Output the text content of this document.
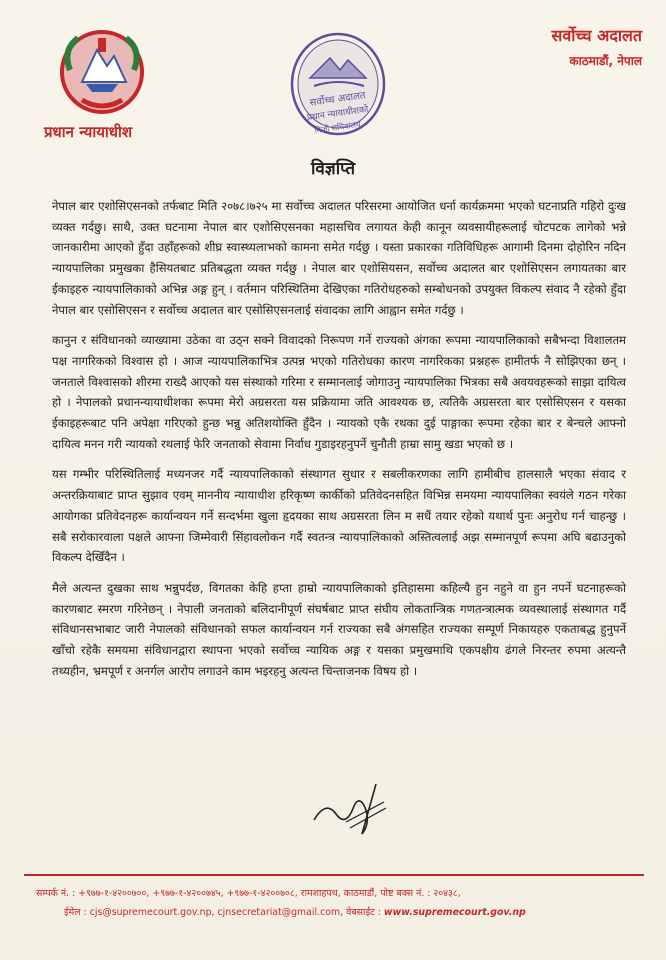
प्रधान न्यायाधीश
सर्वोच्च अदालत
प्रधान न्यायाधीशको
निजी सचिवालय
सर्वोच्च अदालत
काठमाडौं, नेपाल
विज्ञप्ति

नेपाल बार एशोसिएसनको तर्फबाट मिति २०७८।७२५ मा सर्वोच्च अदालत परिसरमा आयोजित धर्ना कार्यक्रममा भएको घटनाप्रति गहिरो दुःख व्यक्त गर्दछु। साथै, उक्त घटनामा नेपाल बार एशोसिएसनका महासचिव लगायत केही कानून व्यवसायीहरूलाई चोटपटक लागेको भन्ने जानकारीमा आएको हुँदा उहाँहरूको शीघ्र स्वास्थ्यलाभको कामना समेत गर्दछु । यस्ता प्रकारका गतिविधिहरू आगामी दिनमा दोहोरिन नदिन न्यायपालिका प्रमुखका हैसियतबाट प्रतिबद्धता व्यक्त गर्दछु । नेपाल बार एशोसियसन, सर्वोच्च अदालत बार एशोसिएसन लगायतका बार ईकाइहरु न्यायपालिकाको अभिन्न अङ्ग हुन् । वर्तमान परिस्थितिमा देखिएका गतिरोधहरुको सम्बोधनको उपयुक्त विकल्प संवाद नै रहेको हुँदा नेपाल बार एसोसिएसन र सर्वोच्च अदालत बार एसोसिएसनलाई संवादका लागि आह्वान समेत गर्दछु ।

कानुन र संविधानको व्याख्यामा उठेका वा उठ्न सक्ने विवादको निरूपण गर्ने राज्यको अंगका रूपमा न्यायपालिकाको सबैभन्दा विशालतम पक्ष नागरिकको विश्वास हो । आज न्यायपालिकाभित्र उत्पन्न भएको गतिरोधका कारण नागरिकका प्रश्नहरू हामीतर्फ नै सोझिएका छन् । जनताले विश्वासको शीरमा राख्दै आएको यस संस्थाको गरिमा र सम्मानलाई जोगाउनु न्यायपालिका भित्रका सबै अवयवहरूको साझा दायित्व हो । नेपालको प्रधानन्यायाधीशका रूपमा मेरो अग्रसरता यस प्रक्रियामा जति आवश्यक छ, त्यतिकै अग्रसरता बार एसोसिएसन र यसका ईकाइहरूबाट पनि अपेक्षा गरिएको हुन्छ भन्नु अतिशयोक्ति हुँदैन । न्यायको एकै रथका दुई पाङ्गाका रूपमा रहेका बार र बेन्चले आफ्नो दायित्व मनन गरी न्यायको रथलाई फेरि जनताको सेवामा निर्वाध गुडाइरहनुपर्ने चुनौती हाम्रा सामु खडा भएको छ ।

यस गम्भीर परिस्थितिलाई मध्यनजर गर्दै न्यायपालिकाको संस्थागत सुधार र सबलीकरणका लागि हामीबीच हालसालै भएका संवाद र अन्तरक्रियाबाट प्राप्त सुझाव एवम् माननीय न्यायाधीश हरिकृष्ण कार्कीको प्रतिवेदनसहित विभिन्न समयमा न्यायपालिका स्वयंले गठन गरेका आयोगका प्रतिवेदनहरू कार्यान्वयन गर्ने सन्दर्भमा खुला हृदयका साथ अग्रसरता लिन म सधैं तयार रहेको यथार्थ पुनः अनुरोध गर्न चाहन्छु । सबै सरोकारवाला पक्षले आफ्ना जिम्मेवारी सिंहावलोकन गर्दै स्वतन्त्र न्यायपालिकाको अस्तित्वलाई अझ सम्मानपूर्ण रूपमा अघि बढाउनुको विकल्प देखिँदैन ।

मैले अत्यन्त दुखका साथ भन्नुपर्दछ, विगतका केहि हप्ता हाम्रो न्यायपालिकाको इतिहासमा कहिल्यै हुन नहुने वा हुन नपर्ने घटनाहरूको कारणबाट स्मरण गरिनेछन् । नेपाली जनताको बलिदानीपूर्ण संघर्षबाट प्राप्त संघीय लोकतान्त्रिक गणतन्त्रात्मक व्यवस्थालाई संस्थागत गर्दै संविधानसभाबाट जारी नेपालको संविधानको सफल कार्यान्वयन गर्न राज्यका सबै अंगसहित राज्यका सम्पूर्ण निकायहरु एकताबद्ध हुनुपर्ने खाँचो रहेकै समयमा संविधानद्वारा स्थापना भएको सर्वोच्च न्यायिक अङ्ग र यसका प्रमुखमाथि एकपक्षीय ढंगले निरन्तर रुपमा अत्यन्तै तथ्यहीन, भ्रमपूर्ण र अनर्गल आरोप लगाउने काम भइरहनु अत्यन्त चिन्ताजनक विषय हो ।

सम्पर्क नं. : +९७७-१-४२००७००, +९७७-१-४२००७४५, +९७७-१-४२००७०८, रामशाहपथ, काठमाडौं, पोष्ट बक्स नं. : २०४३८,
ईमेल : cjs@supremecourt.gov.np, cjnsecretariat@gmail.com, वेबसाईट : www.supremecourt.gov.np
